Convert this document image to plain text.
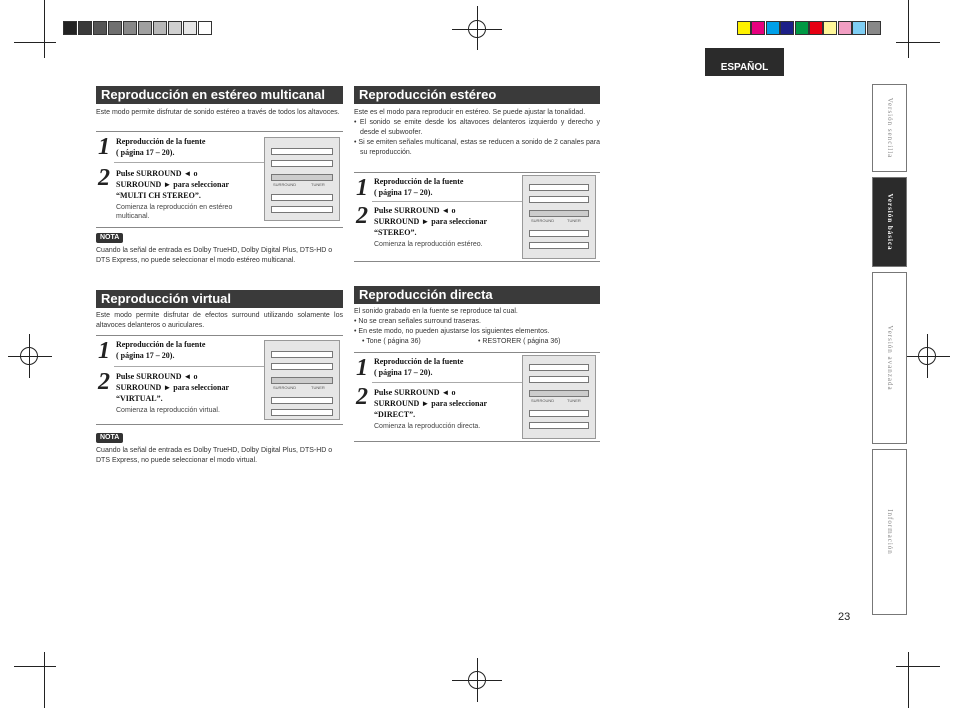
ESPAÑOL
Versión sencilla
Versión básica
Versión avanzada
Información
23
Reproducción en estéreo multicanal
Este modo permite disfrutar de sonido estéreo a través de todos los altavoces.
1 Reproducción de la fuente
( página 17 – 20).
2 Pulse SURROUND ◄ o
SURROUND ► para seleccionar
“MULTI CH STEREO”.
Comienza la reproducción en estéreo multicanal.
SURROUND	TUNER
NOTA
Cuando la señal de entrada es Dolby TrueHD, Dolby Digital Plus, DTS-HD o DTS Express, no puede seleccionar el modo estéreo multicanal.
Reproducción virtual
Este modo permite disfrutar de efectos surround utilizando solamente los altavoces delanteros o auriculares.
1 Reproducción de la fuente
( página 17 – 20).
2 Pulse SURROUND ◄ o
SURROUND ► para seleccionar
“VIRTUAL”.
Comienza la reproducción virtual.
SURROUND	TUNER
NOTA
Cuando la señal de entrada es Dolby TrueHD, Dolby Digital Plus, DTS-HD o DTS Express, no puede seleccionar el modo virtual.
Reproducción estéreo
Este es el modo para reproducir en estéreo. Se puede ajustar la tonalidad.
• El sonido se emite desde los altavoces delanteros izquierdo y derecho y desde el subwoofer.
• Si se emiten señales multicanal, estas se reducen a sonido de 2 canales para su reproducción.
1 Reproducción de la fuente
( página 17 – 20).
2 Pulse SURROUND ◄ o
SURROUND ► para seleccionar
“STEREO”.
Comienza la reproducción estéreo.
SURROUND	TUNER
Reproducción directa
El sonido grabado en la fuente se reproduce tal cual.
• No se crean señales surround traseras.
• En este modo, no pueden ajustarse los siguientes elementos.
• Tone ( página 36)	• RESTORER ( página 36)
1 Reproducción de la fuente
( página 17 – 20).
2 Pulse SURROUND ◄ o
SURROUND ► para seleccionar
“DIRECT”.
Comienza la reproducción directa.
SURROUND	TUNER
